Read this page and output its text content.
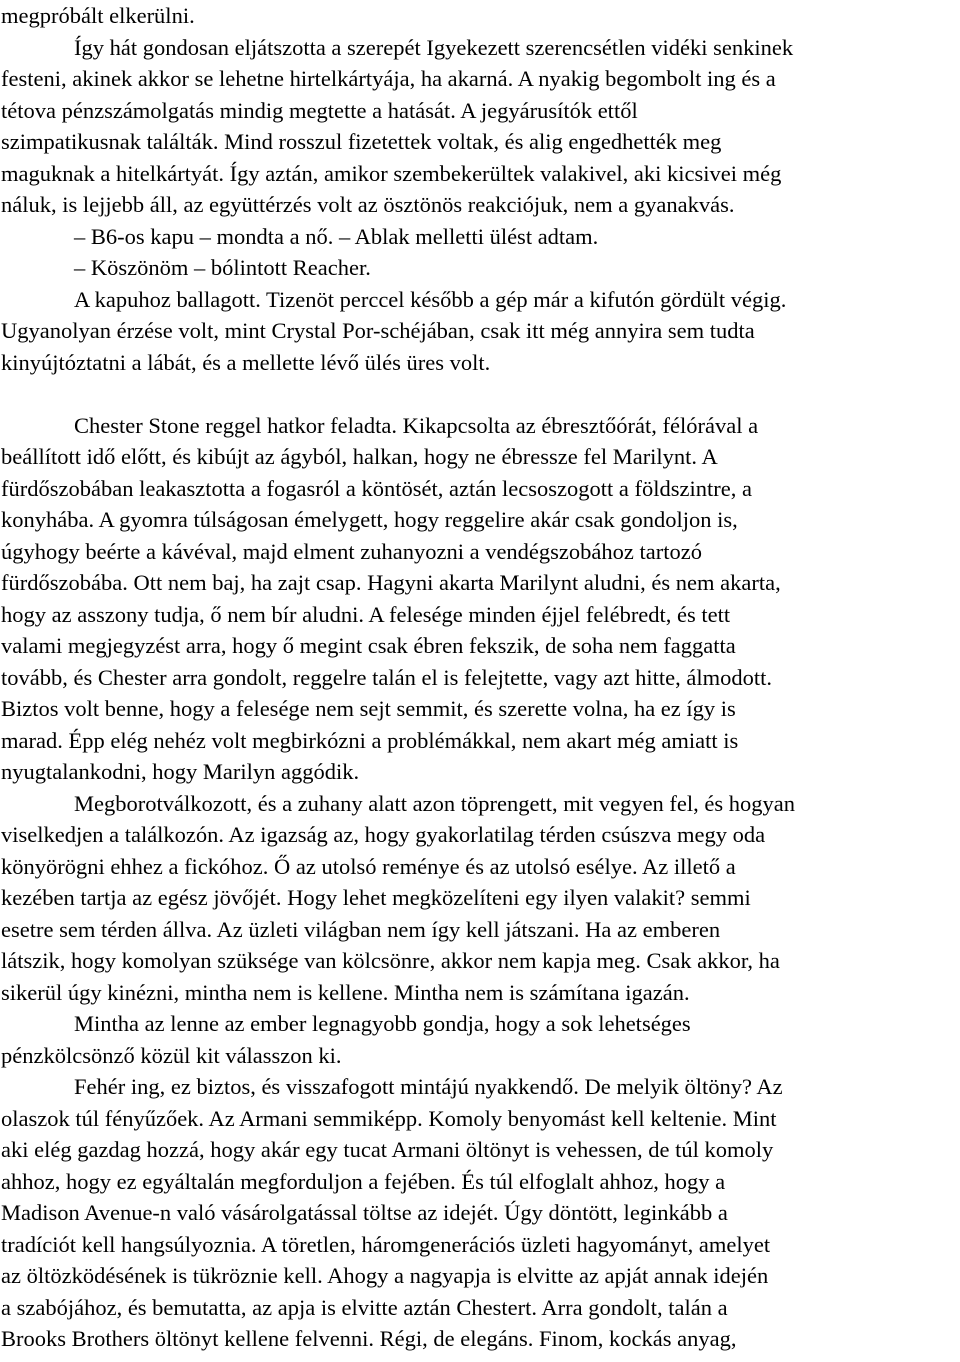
megpróbált elkerülni.
Így hát gondosan eljátszotta a szerepét Igyekezett szerencsétlen vidéki senkinek
festeni, akinek akkor se lehetne hirtelkártyája, ha akarná. A nyakig begombolt ing és a
tétova pénzszámolgatás mindig megtette a hatását. A jegyárusítók ettől
szimpatikusnak találták. Mind rosszul fizetettek voltak, és alig engedhették meg
maguknak a hitelkártyát. Így aztán, amikor szembekerültek valakivel, aki kicsivei még
náluk, is lejjebb áll, az együttérzés volt az ösztönös reakciójuk, nem a gyanakvás.
– B6-os kapu – mondta a nő. – Ablak melletti ülést adtam.
– Köszönöm – bólintott Reacher.
A kapuhoz ballagott. Tizenöt perccel később a gép már a kifutón gördült végig.
Ugyanolyan érzése volt, mint Crystal Por-schéjában, csak itt még annyira sem tudta
kinyújtóztatni a lábát, és a mellette lévő ülés üres volt.
Chester Stone reggel hatkor feladta. Kikapcsolta az ébresztőórát, félórával a
beállított idő előtt, és kibújt az ágyból, halkan, hogy ne ébressze fel Marilynt. A
fürdőszobában leakasztotta a fogasról a köntösét, aztán lecsoszogott a földszintre, a
konyhába. A gyomra túlságosan émelygett, hogy reggelire akár csak gondoljon is,
úgyhogy beérte a kávéval, majd elment zuhanyozni a vendégszobához tartozó
fürdőszobába. Ott nem baj, ha zajt csap. Hagyni akarta Marilynt aludni, és nem akarta,
hogy az asszony tudja, ő nem bír aludni. A felesége minden éjjel felébredt, és tett
valami megjegyzést arra, hogy ő megint csak ébren fekszik, de soha nem faggatta
tovább, és Chester arra gondolt, reggelre talán el is felejtette, vagy azt hitte, álmodott.
Biztos volt benne, hogy a felesége nem sejt semmit, és szerette volna, ha ez így is
marad. Épp elég nehéz volt megbirkózni a problémákkal, nem akart még amiatt is
nyugtalankodni, hogy Marilyn aggódik.
Megborotválkozott, és a zuhany alatt azon töprengett, mit vegyen fel, és hogyan
viselkedjen a találkozón. Az igazság az, hogy gyakorlatilag térden csúszva megy oda
könyörögni ehhez a fickóhoz. Ő az utolsó reménye és az utolsó esélye. Az illető a
kezében tartja az egész jövőjét. Hogy lehet megközelíteni egy ilyen valakit? semmi
esetre sem térden állva. Az üzleti világban nem így kell játszani. Ha az emberen
látszik, hogy komolyan szüksége van kölcsönre, akkor nem kapja meg. Csak akkor, ha
sikerül úgy kinézni, mintha nem is kellene. Mintha nem is számítana igazán.
Mintha az lenne az ember legnagyobb gondja, hogy a sok lehetséges
pénzkölcsönző közül kit válasszon ki.
Fehér ing, ez biztos, és visszafogott mintájú nyakkendő. De melyik öltöny? Az
olaszok túl fényűzőek. Az Armani semmiképp. Komoly benyomást kell keltenie. Mint
aki elég gazdag hozzá, hogy akár egy tucat Armani öltönyt is vehessen, de túl komoly
ahhoz, hogy ez egyáltalán megforduljon a fejében. És túl elfoglalt ahhoz, hogy a
Madison Avenue-n való vásárolgatással töltse az idejét. Úgy döntött, leginkább a
tradíciót kell hangsúlyoznia. A töretlen, háromgenerációs üzleti hagyományt, amelyet
az öltözködésének is tükröznie kell. Ahogy a nagyapja is elvitte az apját annak idején
a szabójához, és bemutatta, az apja is elvitte aztán Chestert. Arra gondolt, talán a
Brooks Brothers öltönyt kellene felvenni. Régi, de elegáns. Finom, kockás anyag,
